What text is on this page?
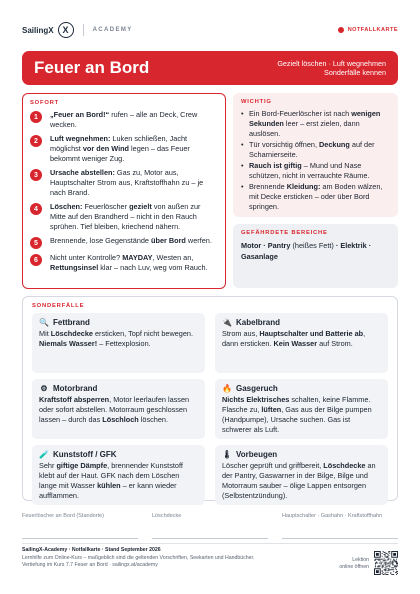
SailingX X	ACADEMY	NOTFALLKARTE
Feuer an Bord	Gezielt löschen · Luft wegnehmen
Sonderfälle kennen
SOFORT
1	„Feuer an Bord!“ rufen – alle an Deck, Crew wecken.
2	Luft wegnehmen: Luken schließen, Jacht möglichst vor den Wind legen – das Feuer bekommt weniger Zug.
3	Ursache abstellen: Gas zu, Motor aus, Hauptschalter Strom aus, Kraftstoffhahn zu – je nach Brand.
4	Löschen: Feuerlöscher gezielt von außen zur Mitte auf den Brandherd – nicht in den Rauch sprühen. Tief bleiben, kriechend nähern.
5	Brennende, lose Gegenstände über Bord werfen.
6	Nicht unter Kontrolle? MAYDAY, Westen an, Rettungsinsel klar – nach Luv, weg vom Rauch.
WICHTIG
• Ein Bord-Feuerlöscher ist nach wenigen Sekunden leer – erst zielen, dann auslösen.
• Tür vorsichtig öffnen, Deckung auf der Scharnierseite.
• Rauch ist giftig – Mund und Nase schützen, nicht in verrauchte Räume.
• Brennende Kleidung: am Boden wälzen, mit Decke ersticken – oder über Bord springen.
GEFÄHRDETE BEREICHE
Motor · Pantry (heißes Fett) · Elektrik · Gasanlage
SONDERFÄLLE
🔍 Fettbrand
Mit Löschdecke ersticken, Topf nicht bewegen. Niemals Wasser! – Fettexplosion.
🔌 Kabelbrand
Strom aus, Hauptschalter und Batterie ab, dann ersticken. Kein Wasser auf Strom.
⚙ Motorbrand
Kraftstoff absperren, Motor leerlaufen lassen oder sofort abstellen. Motorraum geschlossen lassen – durch das Löschloch löschen.
🔥 Gasgeruch
Nichts Elektrisches schalten, keine Flamme. Flasche zu, lüften, Gas aus der Bilge pumpen (Handpumpe), Ursache suchen. Gas ist schwerer als Luft.
🧪 Kunststoff / GFK
Sehr giftige Dämpfe, brennender Kunststoff klebt auf der Haut. GFK nach dem Löschen lange mit Wasser kühlen – er kann wieder aufflammen.
🌡 Vorbeugen
Löscher geprüft und griffbereit, Löschdecke an der Pantry, Gaswarner in der Bilge, Bilge und Motorraum sauber – ölige Lappen entsorgen (Selbstentzündung).
Feuerlöscher an Bord (Standorte)	Löschdecke	Hauptschalter · Gashahn · Kraftstoffhahn
SailingX-Academy · Notfallkarte · Stand September 2026
Lernhilfe zum Online-Kurs – maßgeblich sind die geltenden Vorschriften, Seekarten und Handbücher.
Vertiefung im Kurs 7.7 Feuer an Bord · sailingx.at/academy
Lektion
online öffnen
